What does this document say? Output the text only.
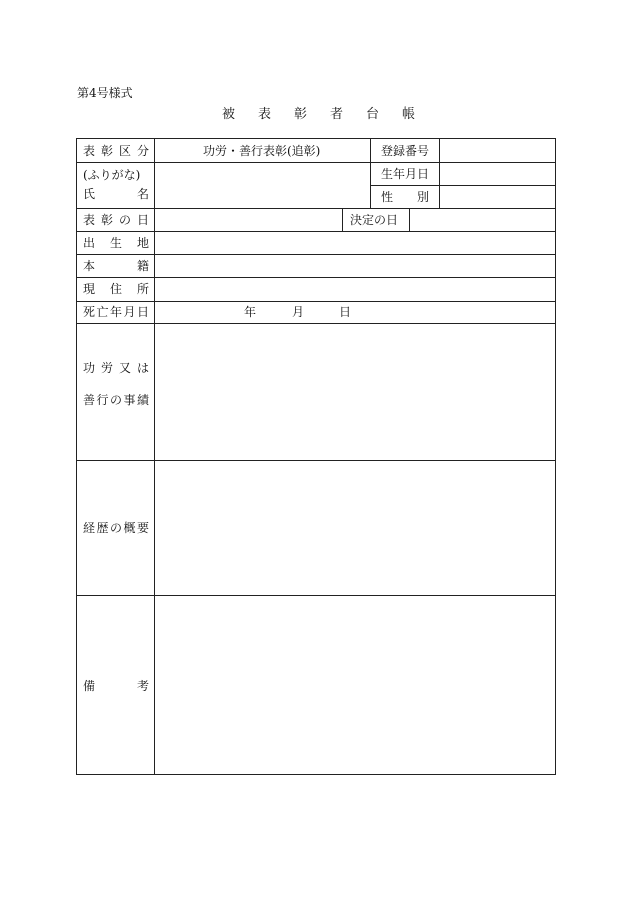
第4号様式
被	表	彰	者	台	帳
表 彰 区 分	功労・善行表彰(追彰)	登録番号
(ふりがな)
氏	名
生年月日
性 別
表 彰 の 日	決定の日
出 生 地
本	籍
現 住 所
死 亡 年 月 日	年	月	日
功 労 又 は
善 行 の 事 績
経 歴 の 概 要
備	考
